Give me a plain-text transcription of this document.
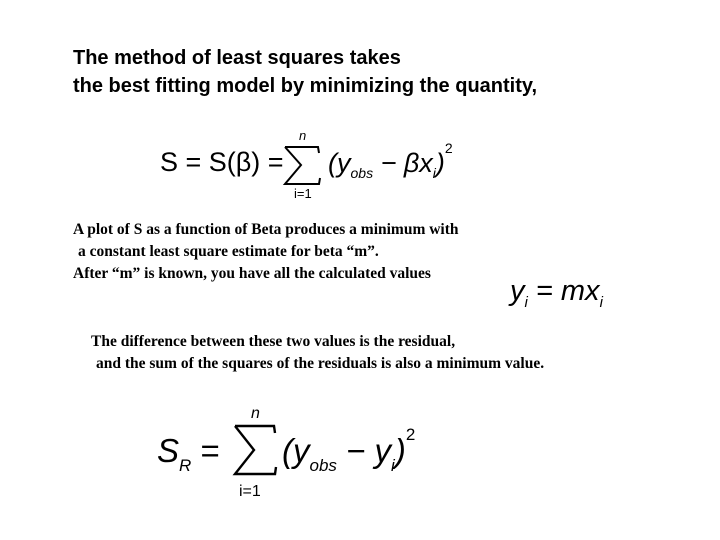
The method of least squares takes
the best fitting model by minimizing the quantity,
S = S(β) =
n
i=1
$(y_{obs} - \beta x_i)^2$
A plot of S as a function of Beta produces a minimum with
a constant least square estimate for beta “m”.
After “m” is known, you have all the calculated values
$y_i = mx_i$
The difference between these two values is the residual,
and the sum of the squares of the residuals is also a minimum value.
$S_R$ =
n
i=1
$(y_{obs} - y_i)^2$
